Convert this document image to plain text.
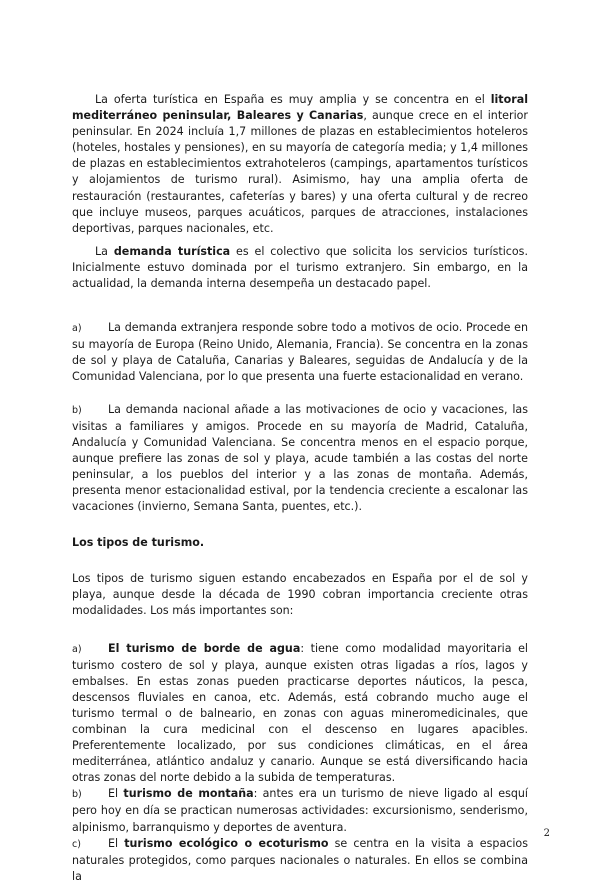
La oferta turística en España es muy amplia y se concentra en el litoral mediterráneo peninsular, Baleares y Canarias, aunque crece en el interior peninsular. En 2024 incluía 1,7 millones de plazas en establecimientos hoteleros (hoteles, hostales y pensiones), en su mayoría de categoría media; y 1,4 millones de plazas en establecimientos extrahoteleros (campings, apartamentos turísticos y alojamientos de turismo rural). Asimismo, hay una amplia oferta de restauración (restaurantes, cafeterías y bares) y una oferta cultural y de recreo que incluye museos, parques acuáticos, parques de atracciones, instalaciones deportivas, parques nacionales, etc.

La demanda turística es el colectivo que solicita los servicios turísticos. Inicialmente estuvo dominada por el turismo extranjero. Sin embargo, en la actualidad, la demanda interna desempeña un destacado papel.

a) La demanda extranjera responde sobre todo a motivos de ocio. Procede en su mayoría de Europa (Reino Unido, Alemania, Francia). Se concentra en la zonas de sol y playa de Cataluña, Canarias y Baleares, seguidas de Andalucía y de la Comunidad Valenciana, por lo que presenta una fuerte estacionalidad en verano.

b) La demanda nacional añade a las motivaciones de ocio y vacaciones, las visitas a familiares y amigos. Procede en su mayoría de Madrid, Cataluña, Andalucía y Comunidad Valenciana. Se concentra menos en el espacio porque, aunque prefiere las zonas de sol y playa, acude también a las costas del norte peninsular, a los pueblos del interior y a las zonas de montaña. Además, presenta menor estacionalidad estival, por la tendencia creciente a escalonar las vacaciones (invierno, Semana Santa, puentes, etc.).

Los tipos de turismo.

Los tipos de turismo siguen estando encabezados en España por el de sol y playa, aunque desde la década de 1990 cobran importancia creciente otras modalidades. Los más importantes son:

a) El turismo de borde de agua: tiene como modalidad mayoritaria el turismo costero de sol y playa, aunque existen otras ligadas a ríos, lagos y embalses. En estas zonas pueden practicarse deportes náuticos, la pesca, descensos fluviales en canoa, etc. Además, está cobrando mucho auge el turismo termal o de balneario, en zonas con aguas mineromedicinales, que combinan la cura medicinal con el descenso en lugares apacibles. Preferentemente localizado, por sus condiciones climáticas, en el área mediterránea, atlántico andaluz y canario. Aunque se está diversificando hacia otras zonas del norte debido a la subida de temperaturas.

b) El turismo de montaña: antes era un turismo de nieve ligado al esquí pero hoy en día se practican numerosas actividades: excursionismo, senderismo, alpinismo, barranquismo y deportes de aventura.

c) El turismo ecológico o ecoturismo se centra en la visita a espacios naturales protegidos, como parques nacionales o naturales. En ellos se combina la

2
